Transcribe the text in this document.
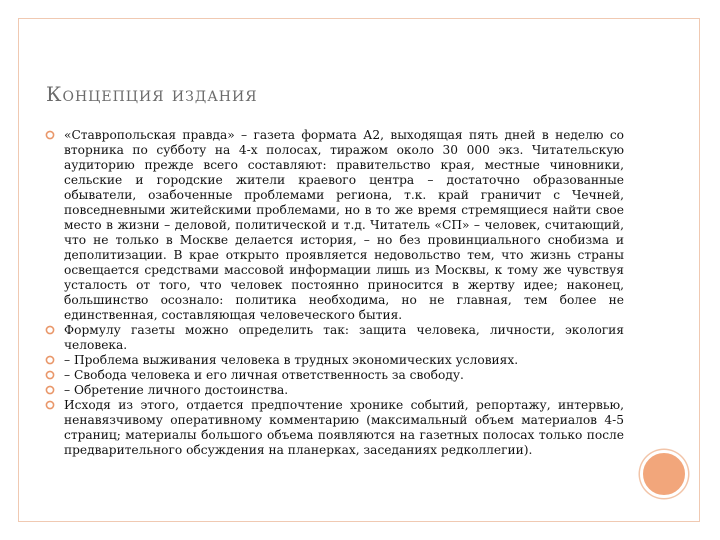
Концепция издания
«Ставропольская правда» – газета формата А2, выходящая пять дней в неделю со вторника по субботу на 4-х полосах, тиражом около 30 000 экз. Читательскую аудиторию прежде всего составляют: правительство края, местные чиновники, сельские и городские жители краевого центра – достаточно образованные обыватели, озабоченные проблемами региона, т.к. край граничит с Чечней, повседневными житейскими проблемами, но в то же время стремящиеся найти свое место в жизни – деловой, политической и т.д. Читатель «СП» – человек, считающий, что не только в Москве делается история, – но без провинциального снобизма и деполитизации. В крае открыто проявляется недовольство тем, что жизнь страны освещается средствами массовой информации лишь из Москвы, к тому же чувствуя усталость от того, что человек постоянно приносится в жертву идее; наконец, большинство осознало: политика необходима, но не главная, тем более не единственная, составляющая человеческого бытия.
Формулу газеты можно определить так: защита человека, личности, экология человека.
– Проблема выживания человека в трудных экономических условиях.
– Свобода человека и его личная ответственность за свободу.
– Обретение личного достоинства.
Исходя из этого, отдается предпочтение хронике событий, репортажу, интервью, ненавязчивому оперативному комментарию (максимальный объем материалов 4-5 страниц; материалы большого объема появляются на газетных полосах только после предварительного обсуждения на планерках, заседаниях редколлегии).
